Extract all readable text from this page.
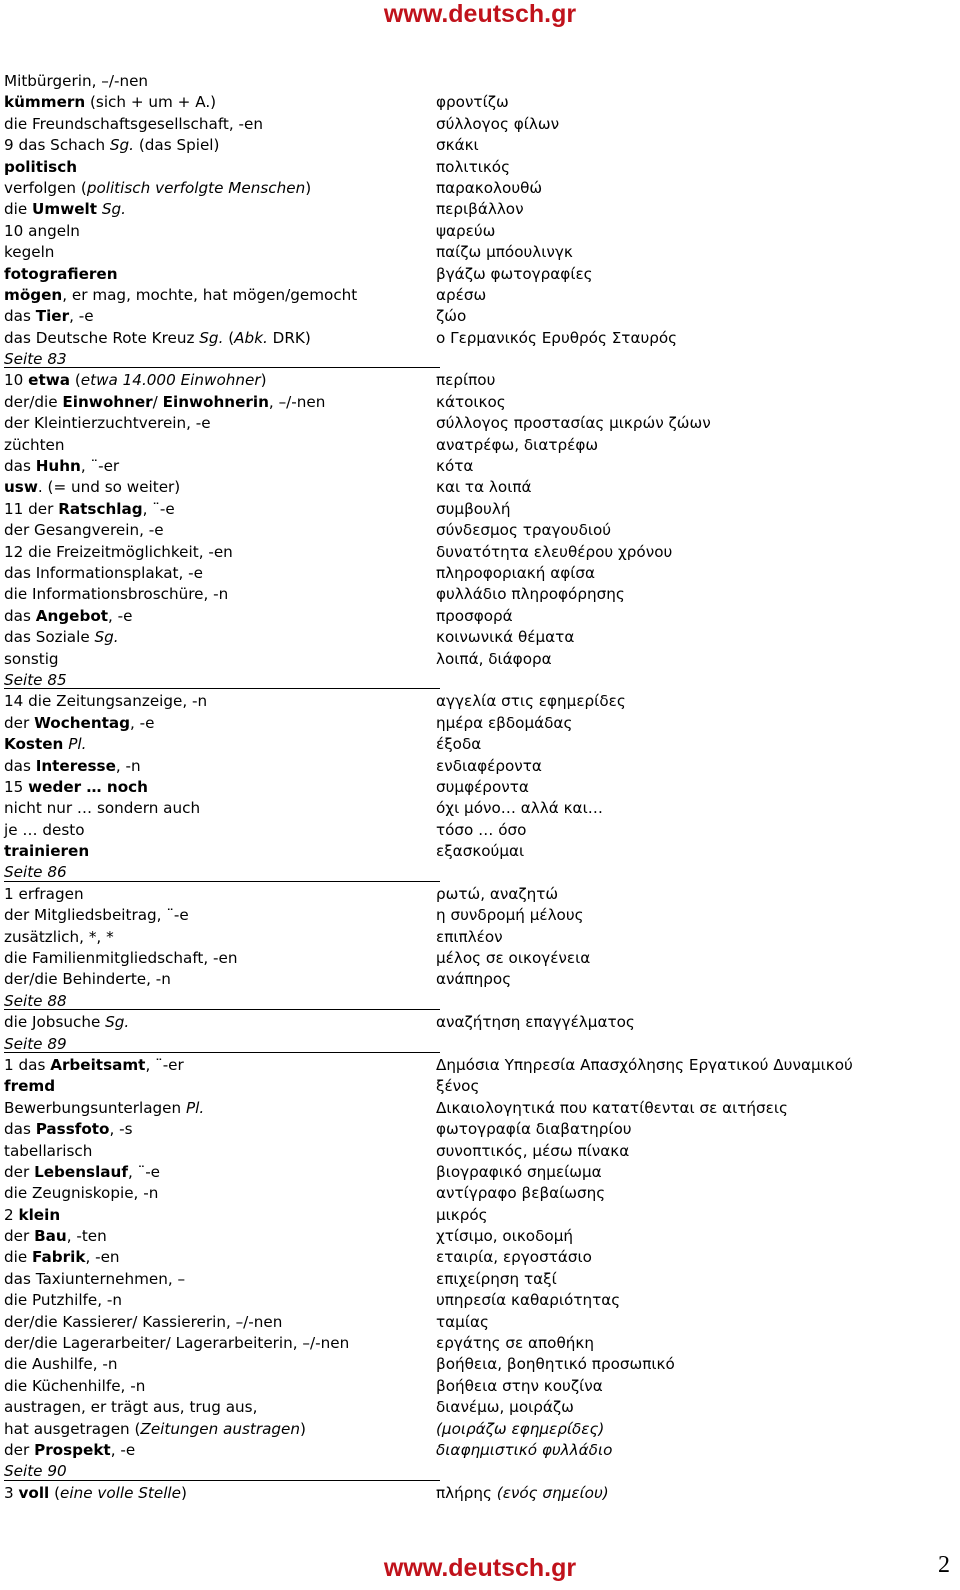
www.deutsch.gr
Mitbürgerin, –/-nen
kümmern (sich + um + A.)	φροντίζω
die Freundschaftsgesellschaft, -en	σύλλογος φίλων
9 das Schach Sg. (das Spiel)	σκάκι
politisch	πολιτικός
verfolgen (politisch verfolgte Menschen)	παρακολουθώ
die Umwelt Sg.	περιβάλλον
10 angeln	ψαρεύω
kegeln	παίζω μπόουλινγκ
fotografieren	βγάζω φωτογραφίες
mögen, er mag, mochte, hat mögen/gemocht	αρέσω
das Tier, -e	ζώο
das Deutsche Rote Kreuz Sg. (Abk. DRK)	ο Γερμανικός Ερυθρός Σταυρός
Seite 83
10 etwa (etwa 14.000 Einwohner)	περίπου
der/die Einwohner/ Einwohnerin, –/-nen	κάτοικος
der Kleintierzuchtverein, -e	σύλλογος προστασίας μικρών ζώων
züchten	ανατρέφω, διατρέφω
das Huhn, ¨-er	κότα
usw. (= und so weiter)	και τα λοιπά
11 der Ratschlag, ¨-e	συμβουλή
der Gesangverein, -e	σύνδεσμος τραγουδιού
12 die Freizeitmöglichkeit, -en	δυνατότητα ελευθέρου χρόνου
das Informationsplakat, -e	πληροφοριακή αφίσα
die Informationsbroschüre, -n	φυλλάδιο πληροφόρησης
das Angebot, -e	προσφορά
das Soziale Sg.	κοινωνικά θέματα
sonstig	λοιπά, διάφορα
Seite 85
14 die Zeitungsanzeige, -n	αγγελία στις εφημερίδες
der Wochentag, -e	ημέρα εβδομάδας
Kosten Pl.	έξοδα
das Interesse, -n	ενδιαφέροντα
15 weder … noch	συμφέροντα
nicht nur … sondern auch	όχι μόνο… αλλά και…
je … desto	τόσο … όσο
trainieren	εξασκούμαι
Seite 86
1 erfragen	ρωτώ, αναζητώ
der Mitgliedsbeitrag, ¨-e	η συνδρομή μέλους
zusätzlich, *, *	επιπλέον
die Familienmitgliedschaft, -en	μέλος σε οικογένεια
der/die Behinderte, -n	ανάπηρος
Seite 88
die Jobsuche Sg.	αναζήτηση επαγγέλματος
Seite 89
1 das Arbeitsamt, ¨-er	Δημόσια Υπηρεσία Απασχόλησης Εργατικού Δυναμικού
fremd	ξένος
Bewerbungsunterlagen Pl.	Δικαιολογητικά που κατατίθενται σε αιτήσεις
das Passfoto, -s	φωτογραφία διαβατηρίου
tabellarisch	συνοπτικός, μέσω πίνακα
der Lebenslauf, ¨-e	βιογραφικό σημείωμα
die Zeugniskopie, -n	αντίγραφο βεβαίωσης
2 klein	μικρός
der Bau, -ten	χτίσιμο, οικοδομή
die Fabrik, -en	εταιρία, εργοστάσιο
das Taxiunternehmen, –	επιχείρηση ταξί
die Putzhilfe, -n	υπηρεσία καθαριότητας
der/die Kassierer/ Kassiererin, –/-nen	ταμίας
der/die Lagerarbeiter/ Lagerarbeiterin, –/-nen	εργάτης σε αποθήκη
die Aushilfe, -n	βοήθεια, βοηθητικό προσωπικό
die Küchenhilfe, -n	βοήθεια στην κουζίνα
austragen, er trägt aus, trug aus,	διανέμω, μοιράζω
hat ausgetragen (Zeitungen austragen)	(μοιράζω εφημερίδες)
der Prospekt, -e	διαφημιστικό φυλλάδιο
Seite 90
3 voll (eine volle Stelle)	πλήρης (ενός σημείου)
www.deutsch.gr	2
